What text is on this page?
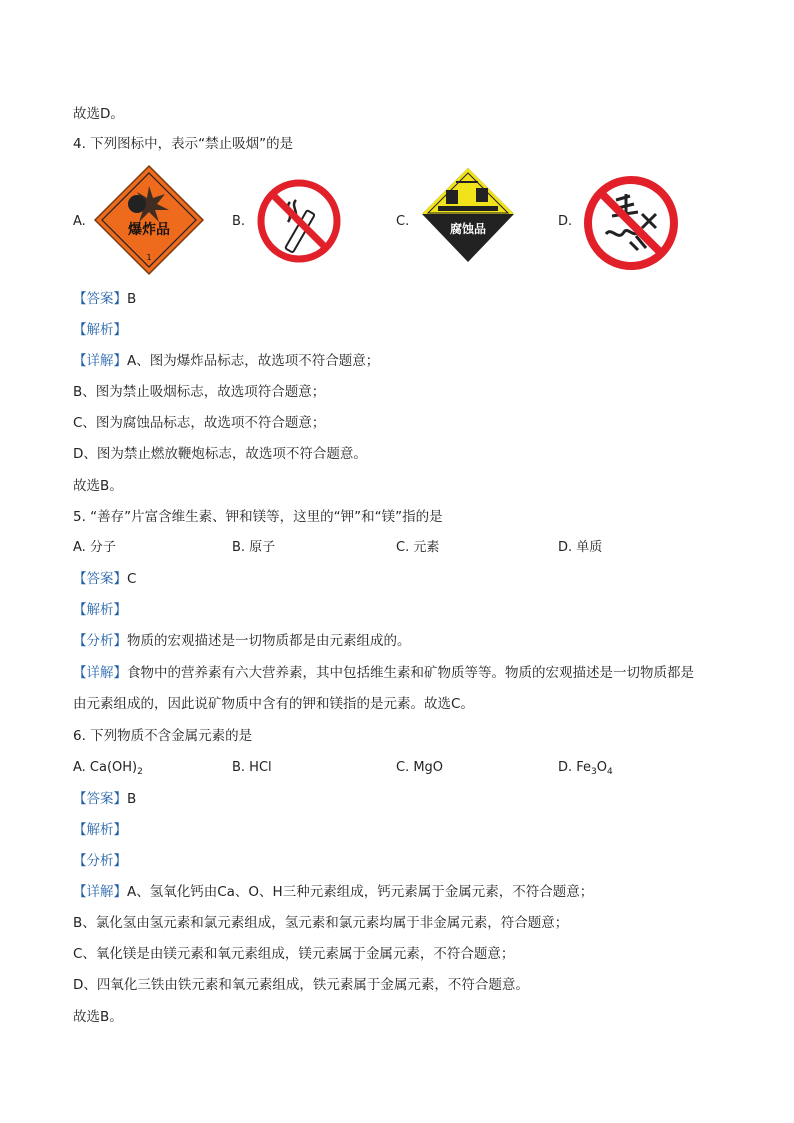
故选D。
4. 下列图标中，表示“禁止吸烟”的是
A.
爆炸品
1
B.	C.	腐蚀品	D.
【答案】B
【解析】
【详解】A、图为爆炸品标志，故选项不符合题意；
B、图为禁止吸烟标志，故选项符合题意；
C、图为腐蚀品标志，故选项不符合题意；
D、图为禁止燃放鞭炮标志，故选项不符合题意。
故选B。
5. “善存”片富含维生素、钾和镁等，这里的“钾”和“镁”指的是
A. 分子	B. 原子	C. 元素	D. 单质
【答案】C
【解析】
【分析】物质的宏观描述是一切物质都是由元素组成的。
【详解】食物中的营养素有六大营养素，其中包括维生素和矿物质等等。物质的宏观描述是一切物质都是
由元素组成的，因此说矿物质中含有的钾和镁指的是元素。故选C。
6. 下列物质不含金属元素的是
A. $Ca(OH)_2$	B. HCl	C. MgO	D. $Fe_3O_4$
【答案】B
【解析】
【分析】
【详解】A、氢氧化钙由Ca、O、H三种元素组成，钙元素属于金属元素，不符合题意；
B、氯化氢由氢元素和氯元素组成，氢元素和氯元素均属于非金属元素，符合题意；
C、氧化镁是由镁元素和氧元素组成，镁元素属于金属元素，不符合题意；
D、四氧化三铁由铁元素和氧元素组成，铁元素属于金属元素，不符合题意。
故选B。
